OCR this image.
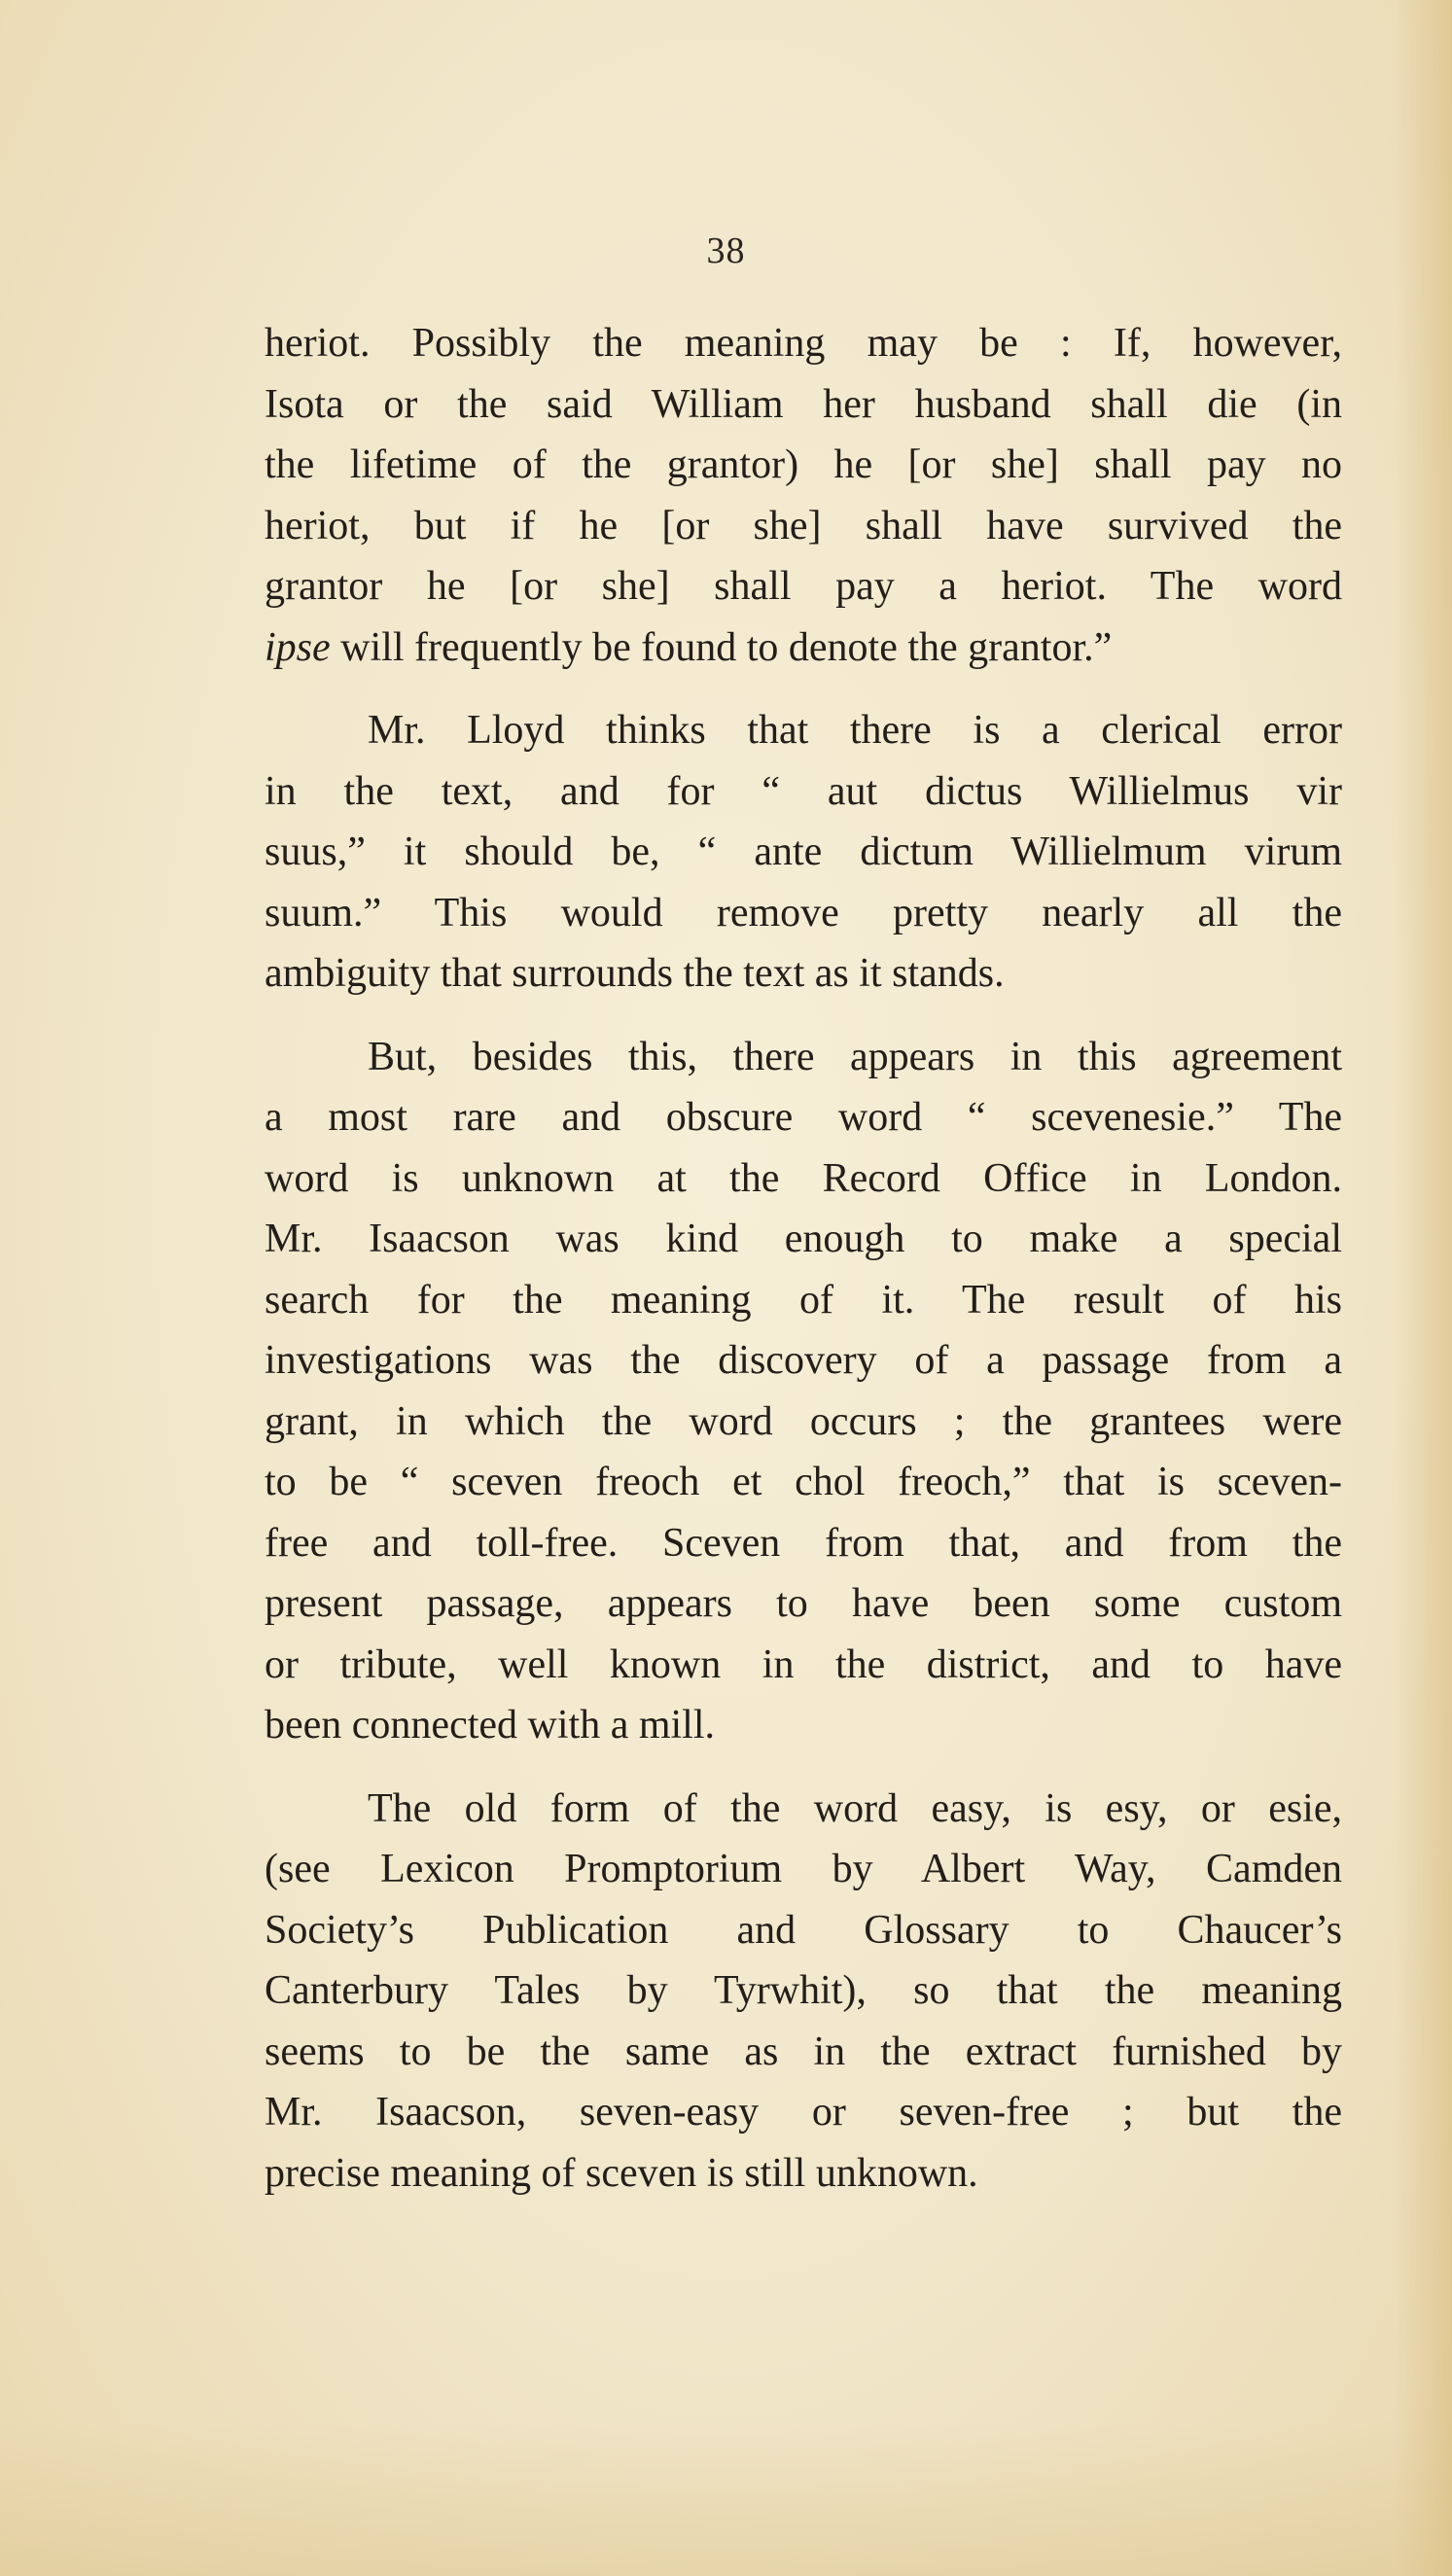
38

heriot. Possibly the meaning may be : If, however,
Isota or the said William her husband shall die (in
the lifetime of the grantor) he [or she] shall pay no
heriot, but if he [or she] shall have survived the
grantor he [or she] shall pay a heriot. The word
ipse will frequently be found to denote the grantor.”

Mr. Lloyd thinks that there is a clerical error
in the text, and for “ aut dictus Willielmus vir
suus,” it should be, “ ante dictum Willielmum virum
suum.” This would remove pretty nearly all the
ambiguity that surrounds the text as it stands.

But, besides this, there appears in this agreement
a most rare and obscure word “ scevenesie.” The
word is unknown at the Record Office in London.
Mr. Isaacson was kind enough to make a special
search for the meaning of it. The result of his
investigations was the discovery of a passage from a
grant, in which the word occurs ; the grantees were
to be “ sceven freoch et chol freoch,” that is sceven-
free and toll-free. Sceven from that, and from the
present passage, appears to have been some custom
or tribute, well known in the district, and to have
been connected with a mill.

The old form of the word easy, is esy, or esie,
(see Lexicon Promptorium by Albert Way, Camden
Society’s Publication and Glossary to Chaucer’s
Canterbury Tales by Tyrwhit), so that the meaning
seems to be the same as in the extract furnished by
Mr. Isaacson, seven-easy or seven-free ; but the
precise meaning of sceven is still unknown.
